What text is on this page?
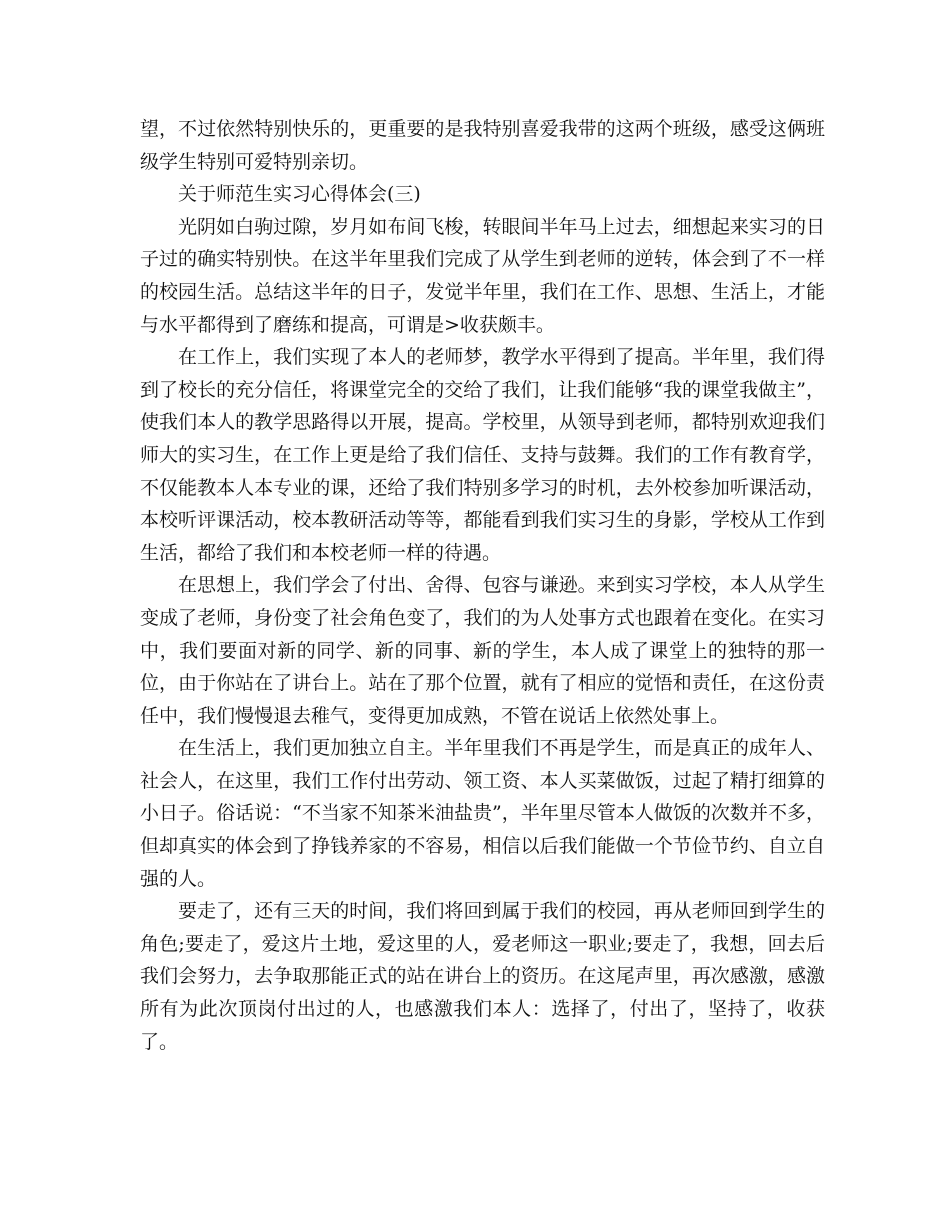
望，不过依然特别快乐的，更重要的是我特别喜爱我带的这两个班级，感受这俩班级学生特别可爱特别亲切。

关于师范生实习心得体会(三)

光阴如白驹过隙，岁月如布间飞梭，转眼间半年马上过去，细想起来实习的日子过的确实特别快。在这半年里我们完成了从学生到老师的逆转，体会到了不一样的校园生活。总结这半年的日子，发觉半年里，我们在工作、思想、生活上，才能与水平都得到了磨练和提高，可谓是>收获颇丰。

在工作上，我们实现了本人的老师梦，教学水平得到了提高。半年里，我们得到了校长的充分信任，将课堂完全的交给了我们，让我们能够“我的课堂我做主”，使我们本人的教学思路得以开展，提高。学校里，从领导到老师，都特别欢迎我们师大的实习生，在工作上更是给了我们信任、支持与鼓舞。我们的工作有教育学，不仅能教本人本专业的课，还给了我们特别多学习的时机，去外校参加听课活动，本校听评课活动，校本教研活动等等，都能看到我们实习生的身影，学校从工作到生活，都给了我们和本校老师一样的待遇。

在思想上，我们学会了付出、舍得、包容与谦逊。来到实习学校，本人从学生变成了老师，身份变了社会角色变了，我们的为人处事方式也跟着在变化。在实习中，我们要面对新的同学、新的同事、新的学生，本人成了课堂上的独特的那一位，由于你站在了讲台上。站在了那个位置，就有了相应的觉悟和责任，在这份责任中，我们慢慢退去稚气，变得更加成熟，不管在说话上依然处事上。

在生活上，我们更加独立自主。半年里我们不再是学生，而是真正的成年人、社会人，在这里，我们工作付出劳动、领工资、本人买菜做饭，过起了精打细算的小日子。俗话说：“不当家不知茶米油盐贵”，半年里尽管本人做饭的次数并不多，但却真实的体会到了挣钱养家的不容易，相信以后我们能做一个节俭节约、自立自强的人。

要走了，还有三天的时间，我们将回到属于我们的校园，再从老师回到学生的角色;要走了，爱这片土地，爱这里的人，爱老师这一职业;要走了，我想，回去后我们会努力，去争取那能正式的站在讲台上的资历。在这尾声里，再次感激，感激所有为此次顶岗付出过的人，也感激我们本人：选择了，付出了，坚持了，收获了。
